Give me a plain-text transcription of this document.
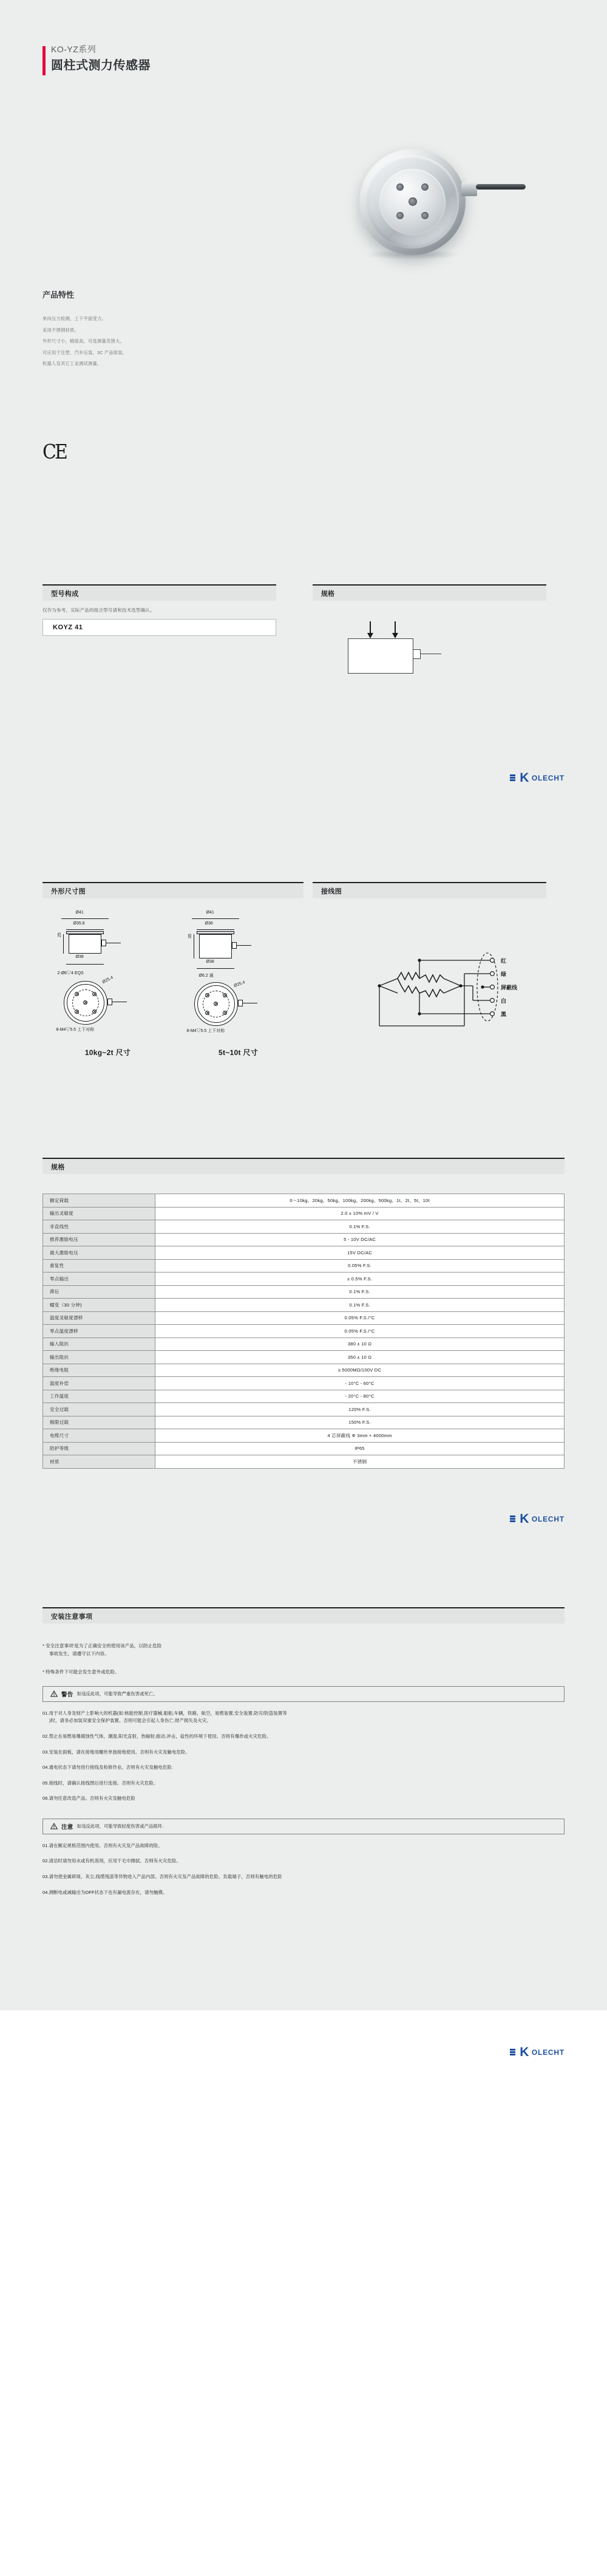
KO-YZ系列
圆柱式测力传感器
产品特性

单向压力检测，上下平面受力。

采用不锈钢材质。

外形尺寸小，精度高，可选测量范围大。

可应用于注塑、汽车压装、3C 产品组装、

机器人及其它工业测试测量。

CE
型号构成
仅作为参考，实际产品的组合型号请和技术选型确认。
KOYZ 41
规格
K OLECHT
外形尺寸图
Ø41
Ø35.8
25
Ø38
2-Ø6▽4 EQS
Ø25.4
8-M4▽5.5 上下对称
10kg~2t 尺寸
Ø41
Ø36
35
Ø38
Ø6.2 通
Ø25.4
8-M4▽5.5 上下对称
5t~10t 尺寸
接线图
红
绿
屏蔽线
白
黑
规格
额定荷载	0～10kg、20kg、50kg、100kg、200kg、500kg、1t、2t、5t、10t
输出灵敏度	2.0 ± 10% mV / V
非直线性	0.1% F.S.
推荐激励电压	5 - 10V DC/AC
最大激励电压	15V DC/AC
重复性	0.05% F.S.
零点输出	± 0.5% F.S.
滞后	0.1% F.S.
蠕变（30 分钟)	0.1% F.S.
温度灵敏度漂移	0.05% F.S./°C
零点温度漂移	0.05% F.S./°C
输入阻抗	380 ± 10 Ω
输出阻抗	350 ± 10 Ω
绝缘电阻	≥ 5000MΩ/100V DC
温度补偿	- 10°C - 60°C
工作温度	- 20°C - 80°C
安全过载	120% F.S.
极限过载	150% F.S.
电缆尺寸	4 芯屏蔽线 Φ 3mm × 4000mm
防护等级	IP65
材质	不锈钢
K OLECHT
安装注意事项
* 安全注意事项'是为了正确安全的使用该产品，以防止危险
事故发生，请遵守以下内容。
* 特殊条件下可能会发生意外或危险。
警告 如违反此项，可能导致严重伤害或死亡。
01.用于对人身及财产上影响大的机器(如:核能控制,医疗器械,船舶,车辆，铁路，航空，易燃装置,安全装置,防灾/防盗装置等
)时，请务必加装双重安全保护装置。否则可能会引起人身伤亡,财产损失及火灾。
02.禁止在易燃易爆腐蚀性气体，潮湿,阳光直射，热辐射,振动,冲击，盐性的环境下使用。否则有爆炸或火灾危险。
03.安装在面板，请在接地用螺丝单独接地使用。否则有火灾及触电危险。
04.通电状态下请勿进行接线及检修作业。否则有火灾及触电危险.
05.接线时，请确认接线图后进行连接。否则有火灾危险。
06.请勿任意改造产品。否则有火灾及触电危险
注意 如违反此项，可能导致轻度伤害或产品损坏.
01.请在额定规格范围内使用。否则有火灾及产品故障的险。
02.清洁时请勿用水或有机溶剂，应用干毛巾擦拭。否则有火灾危险。
03.请勿使金属碎屑，灰尘,线缆残渣等异物进入产品内部。否则有火灾及产品故障的危险。负载端子，否则有触电的危险
04.测断电或减输出为OFF状态下也有漏电流存在，请勿触摸。
K OLECHT
